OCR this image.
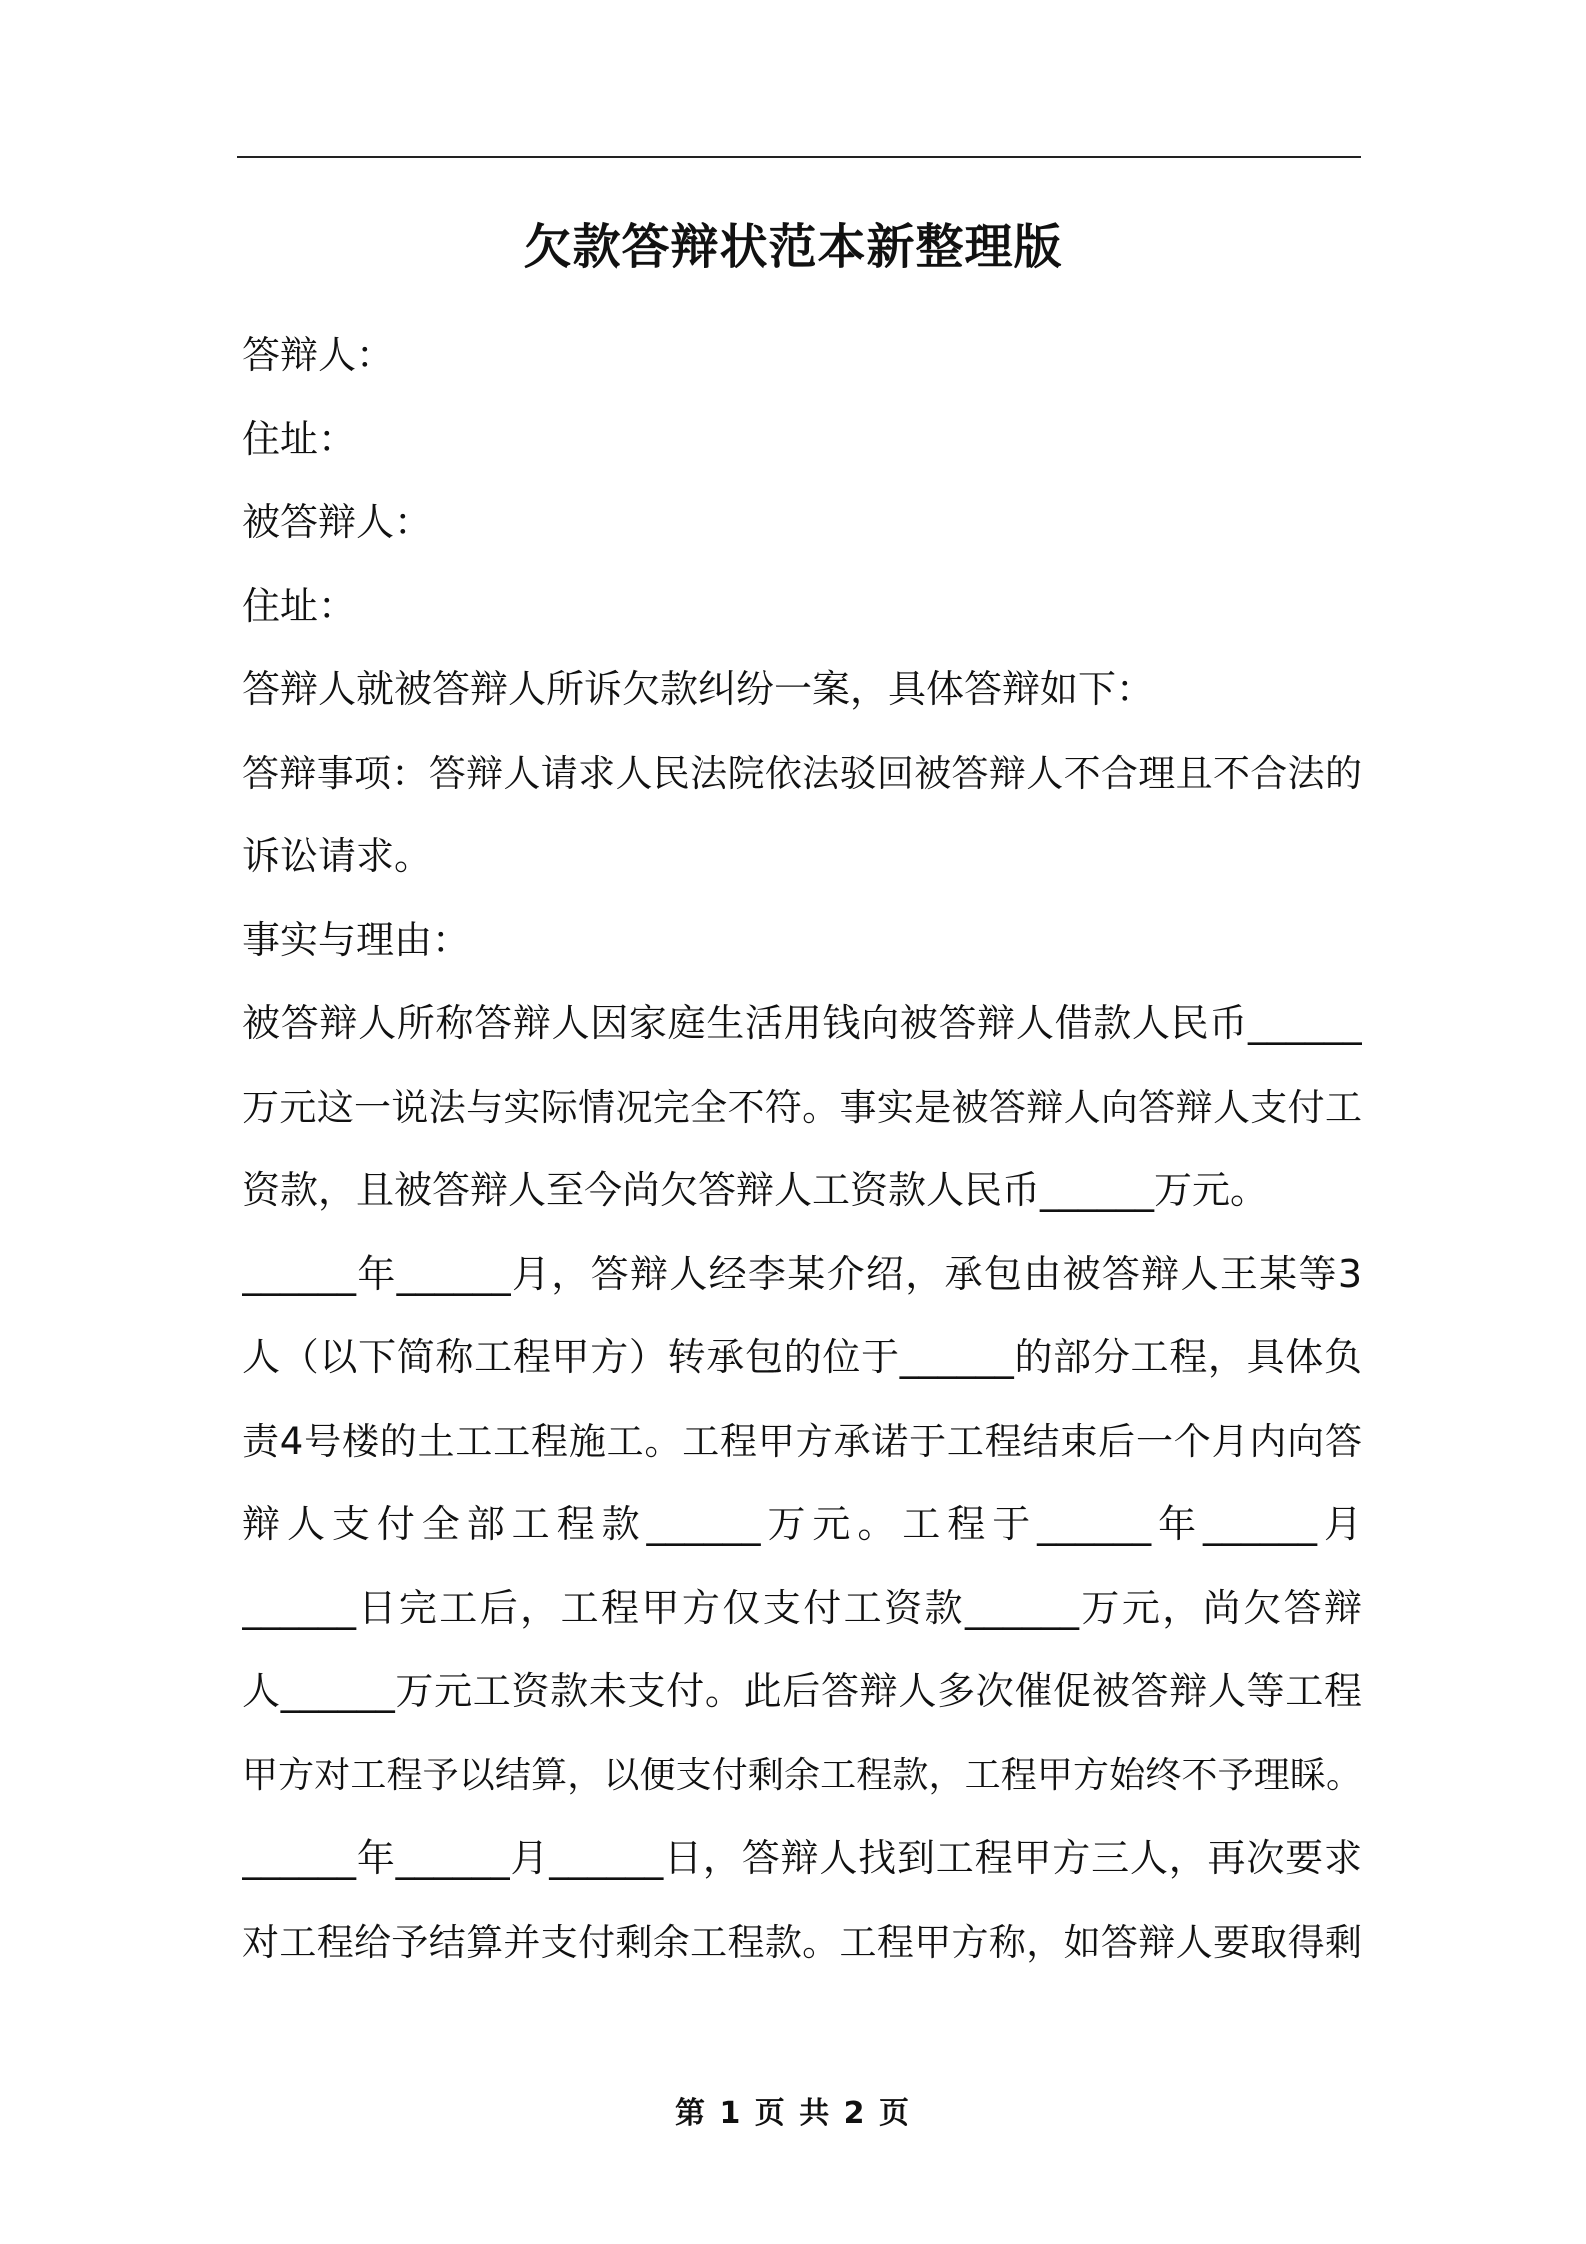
欠款答辩状范本新整理版
答辩人：
住址：
被答辩人：
住址：
答辩人就被答辩人所诉欠款纠纷一案，具体答辩如下：
答辩事项：答辩人请求人民法院依法驳回被答辩人不合理且不合法的
诉讼请求。
事实与理由：
被答辩人所称答辩人因家庭生活用钱向被答辩人借款人民币______
万元这一说法与实际情况完全不符。事实是被答辩人向答辩人支付工
资款，且被答辩人至今尚欠答辩人工资款人民币______万元。
______年______月，答辩人经李某介绍，承包由被答辩人王某等3
人（以下简称工程甲方）转承包的位于______的部分工程，具体负
责4号楼的土工工程施工。工程甲方承诺于工程结束后一个月内向答
辩人支付全部工程款______万元。工程于______年______月
______日完工后，工程甲方仅支付工资款______万元，尚欠答辩
人______万元工资款未支付。此后答辩人多次催促被答辩人等工程
甲方对工程予以结算，以便支付剩余工程款，工程甲方始终不予理睬。
______年______月______日，答辩人找到工程甲方三人，再次要求
对工程给予结算并支付剩余工程款。工程甲方称，如答辩人要取得剩
第 1 页 共 2 页
